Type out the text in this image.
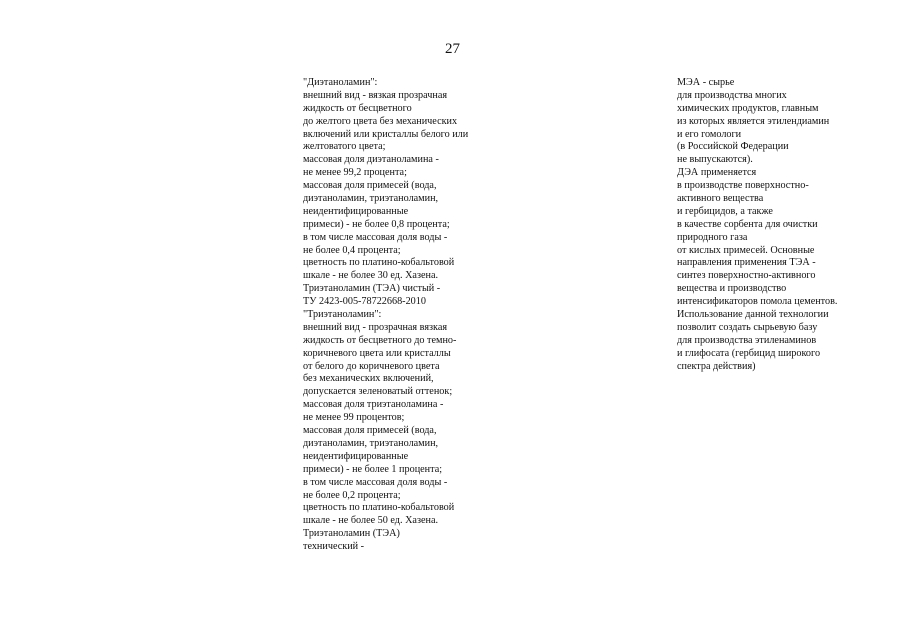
27
"Диэтаноламин":
внешний вид - вязкая прозрачная
жидкость от бесцветного
до желтого цвета без механических
включений или кристаллы белого или
желтоватого цвета;
массовая доля диэтаноламина -
не менее 99,2 процента;
массовая доля примесей (вода,
диэтаноламин, триэтаноламин,
неидентифицированные
примеси) - не более 0,8 процента;
в том числе массовая доля воды -
не более 0,4 процента;
цветность по платино-кобальтовой
шкале - не более 30 ед. Хазена.
Триэтаноламин (ТЭА) чистый -
ТУ 2423-005-78722668-2010
"Триэтаноламин":
внешний вид - прозрачная вязкая
жидкость от бесцветного до темно-
коричневого цвета или кристаллы
от белого до коричневого цвета
без механических включений,
допускается зеленоватый оттенок;
массовая доля триэтаноламина -
не менее 99 процентов;
массовая доля примесей (вода,
диэтаноламин, триэтаноламин,
неидентифицированные
примеси) - не более 1 процента;
в том числе массовая доля воды -
не более 0,2 процента;
цветность по платино-кобальтовой
шкале - не более 50 ед. Хазена.
Триэтаноламин (ТЭА)
технический -
МЭА - сырье
для производства многих
химических продуктов, главным
из которых является этилендиамин
и его гомологи
(в Российской Федерации
не выпускаются).
ДЭА применяется
в производстве поверхностно-
активного вещества
и гербицидов, а также
в качестве сорбента для очистки
природного газа
от кислых примесей. Основные
направления применения ТЭА -
синтез поверхностно-активного
вещества и производство
интенсификаторов помола цементов.
Использование данной технологии
позволит создать сырьевую базу
для производства этиленаминов
и глифосата (гербицид широкого
спектра действия)
